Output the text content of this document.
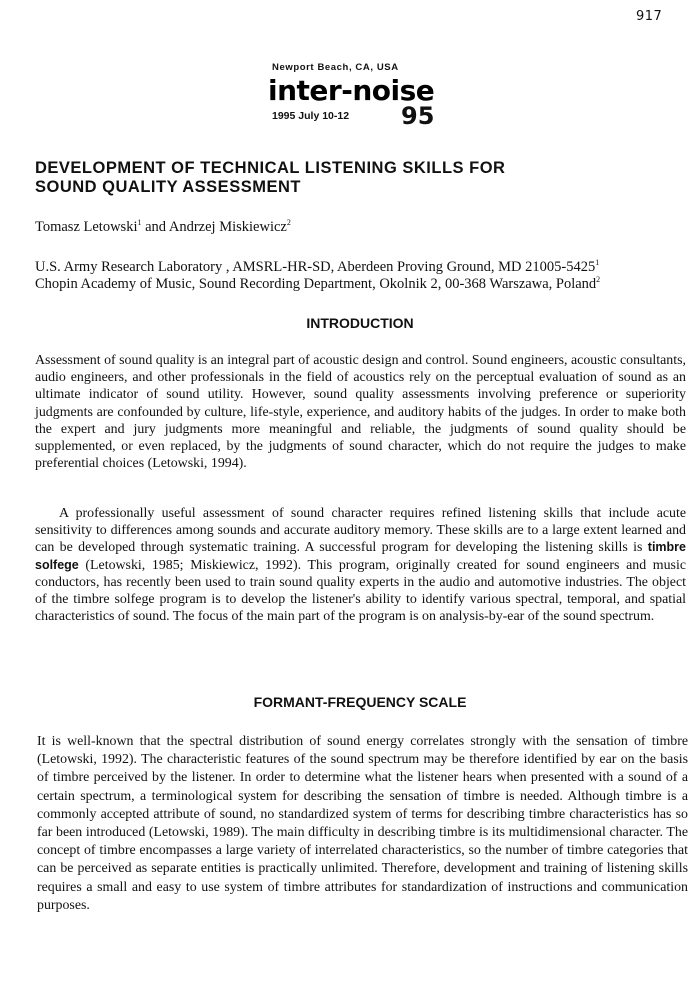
917
Newport Beach, CA, USA
inter-noise
1995 July 10-12 95
DEVELOPMENT OF TECHNICAL LISTENING SKILLS FOR
SOUND QUALITY ASSESSMENT
Tomasz Letowski$^1$ and Andrzej Miskiewicz$^2$
U.S. Army Research Laboratory , AMSRL-HR-SD, Aberdeen Proving Ground, MD 21005-5425$^1$
Chopin Academy of Music, Sound Recording Department, Okolnik 2, 00-368 Warszawa, Poland$^2$
INTRODUCTION

Assessment of sound quality is an integral part of acoustic design and control. Sound engineers, acoustic consultants, audio engineers, and other professionals in the field of acoustics rely on the perceptual evaluation of sound as an ultimate indicator of sound utility. However, sound quality assessments involving preference or superiority judgments are confounded by culture, life-style, experience, and auditory habits of the judges. In order to make both the expert and jury judgments more meaningful and reliable, the judgments of sound quality should be supplemented, or even replaced, by the judgments of sound character, which do not require the judges to make preferential choices (Letowski, 1994).

A professionally useful assessment of sound character requires refined listening skills that include acute sensitivity to differences among sounds and accurate auditory memory. These skills are to a large extent learned and can be developed through systematic training. A successful program for developing the listening skills is timbre solfege (Letowski, 1985; Miskiewicz, 1992). This program, originally created for sound engineers and music conductors, has recently been used to train sound quality experts in the audio and automotive industries. The object of the timbre solfege program is to develop the listener's ability to identify various spectral, temporal, and spatial characteristics of sound. The focus of the main part of the program is on analysis-by-ear of the sound spectrum.

FORMANT-FREQUENCY SCALE

It is well-known that the spectral distribution of sound energy correlates strongly with the sensation of timbre (Letowski, 1992). The characteristic features of the sound spectrum may be therefore identified by ear on the basis of timbre perceived by the listener. In order to determine what the listener hears when presented with a sound of a certain spectrum, a terminological system for describing the sensation of timbre is needed. Although timbre is a commonly accepted attribute of sound, no standardized system of terms for describing timbre characteristics has so far been introduced (Letowski, 1989). The main difficulty in describing timbre is its multidimensional character. The concept of timbre encompasses a large variety of interrelated characteristics, so the number of timbre categories that can be perceived as separate entities is practically unlimited. Therefore, development and training of listening skills requires a small and easy to use system of timbre attributes for standardization of instructions and communication purposes.
